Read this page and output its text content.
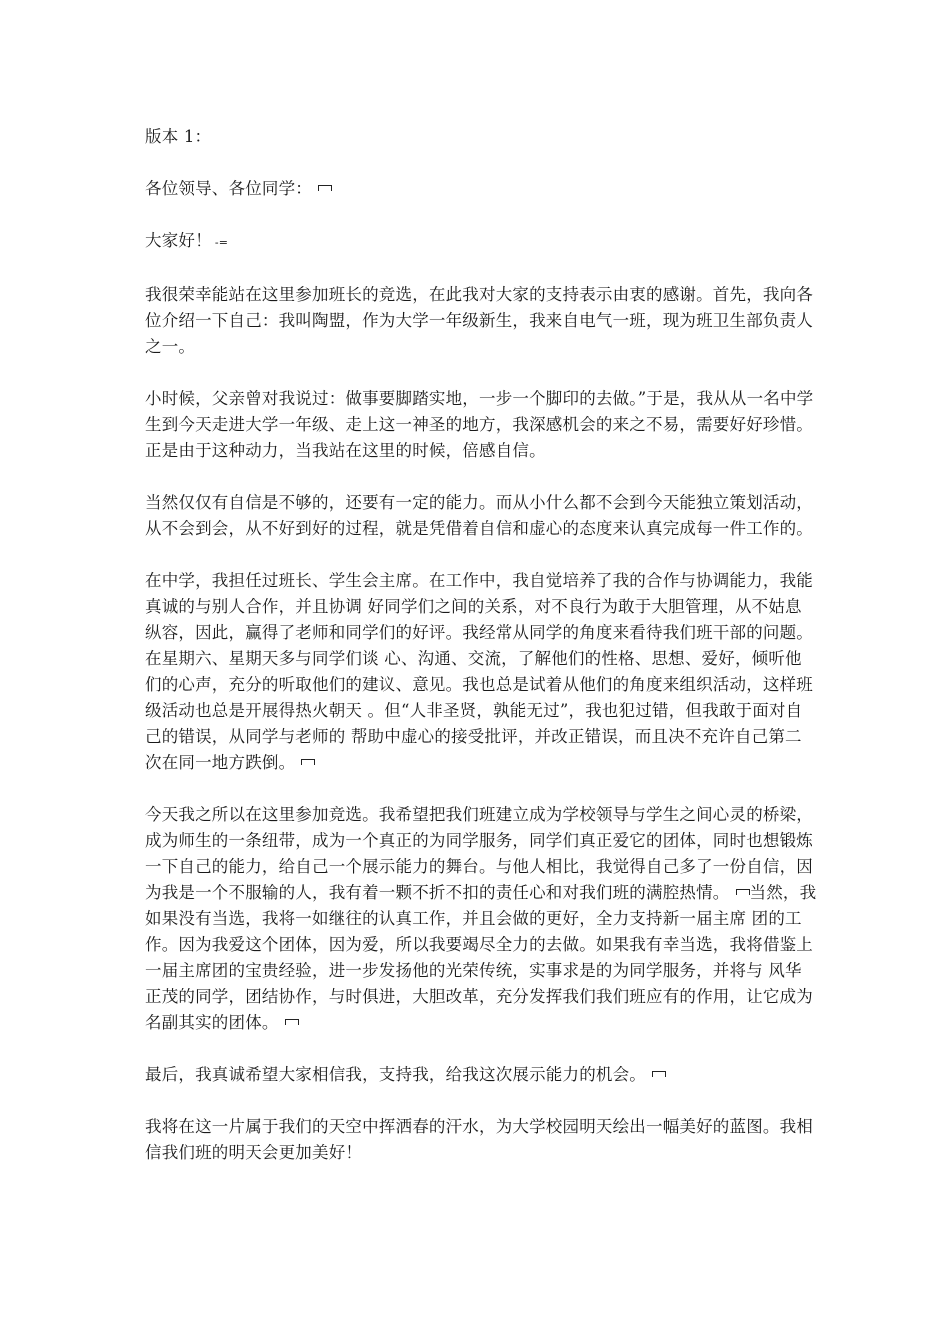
版本 1：

各位领导、各位同学：

大家好！ -=

我很荣幸能站在这里参加班长的竞选，在此我对大家的支持表示由衷的感谢。首先，我向各位介绍一下自己：我叫陶盟，作为大学一年级新生，我来自电气一班，现为班卫生部负责人之一。

小时候，父亲曾对我说过：做事要脚踏实地，一步一个脚印的去做。”于是，我从从一名中学生到今天走进大学一年级、走上这一神圣的地方，我深感机会的来之不易，需要好好珍惜。正是由于这种动力，当我站在这里的时候，倍感自信。

当然仅仅有自信是不够的，还要有一定的能力。而从小什么都不会到今天能独立策划活动， 从不会到会，从不好到好的过程，就是凭借着自信和虚心的态度来认真完成每一件工作的。

在中学，我担任过班长、学生会主席。在工作中，我自觉培养了我的合作与协调能力，我能真诚的与别人合作，并且协调 好同学们之间的关系，对不良行为敢于大胆管理，从不姑息纵容，因此，赢得了老师和同学们的好评。我经常从同学的角度来看待我们班干部的问题。在星期六、星期天多与同学们谈 心、沟通、交流，了解他们的性格、思想、爱好，倾听他们的心声，充分的听取他们的建议、意见。我也总是试着从他们的角度来组织活动，这样班级活动也总是开展得热火朝天 。但“人非圣贤，孰能无过”，我也犯过错，但我敢于面对自己的错误，从同学与老师的 帮助中虚心的接受批评，并改正错误，而且决不充许自己第二次在同一地方跌倒。

今天我之所以在这里参加竞选。我希望把我们班建立成为学校领导与学生之间心灵的桥梁， 成为师生的一条纽带，成为一个真正的为同学服务，同学们真正爱它的团体，同时也想锻炼一下自己的能力，给自己一个展示能力的舞台。与他人相比，我觉得自己多了一份自信，因 为我是一个不服输的人，我有着一颗不折不扣的责任心和对我们班的满腔热情。 当然，我如果没有当选，我将一如继往的认真工作，并且会做的更好，全力支持新一届主席 团的工作。因为我爱这个团体，因为爱，所以我要竭尽全力的去做。如果我有幸当选，我将借鉴上一届主席团的宝贵经验，进一步发扬他的光荣传统，实事求是的为同学服务，并将与 风华正茂的同学，团结协作，与时俱进，大胆改革，充分发挥我们我们班应有的作用，让它成为名副其实的团体。

最后，我真诚希望大家相信我，支持我，给我这次展示能力的机会。

我将在这一片属于我们的天空中挥洒春的汗水，为大学校园明天绘出一幅美好的蓝图。我相信我们班的明天会更加美好！
